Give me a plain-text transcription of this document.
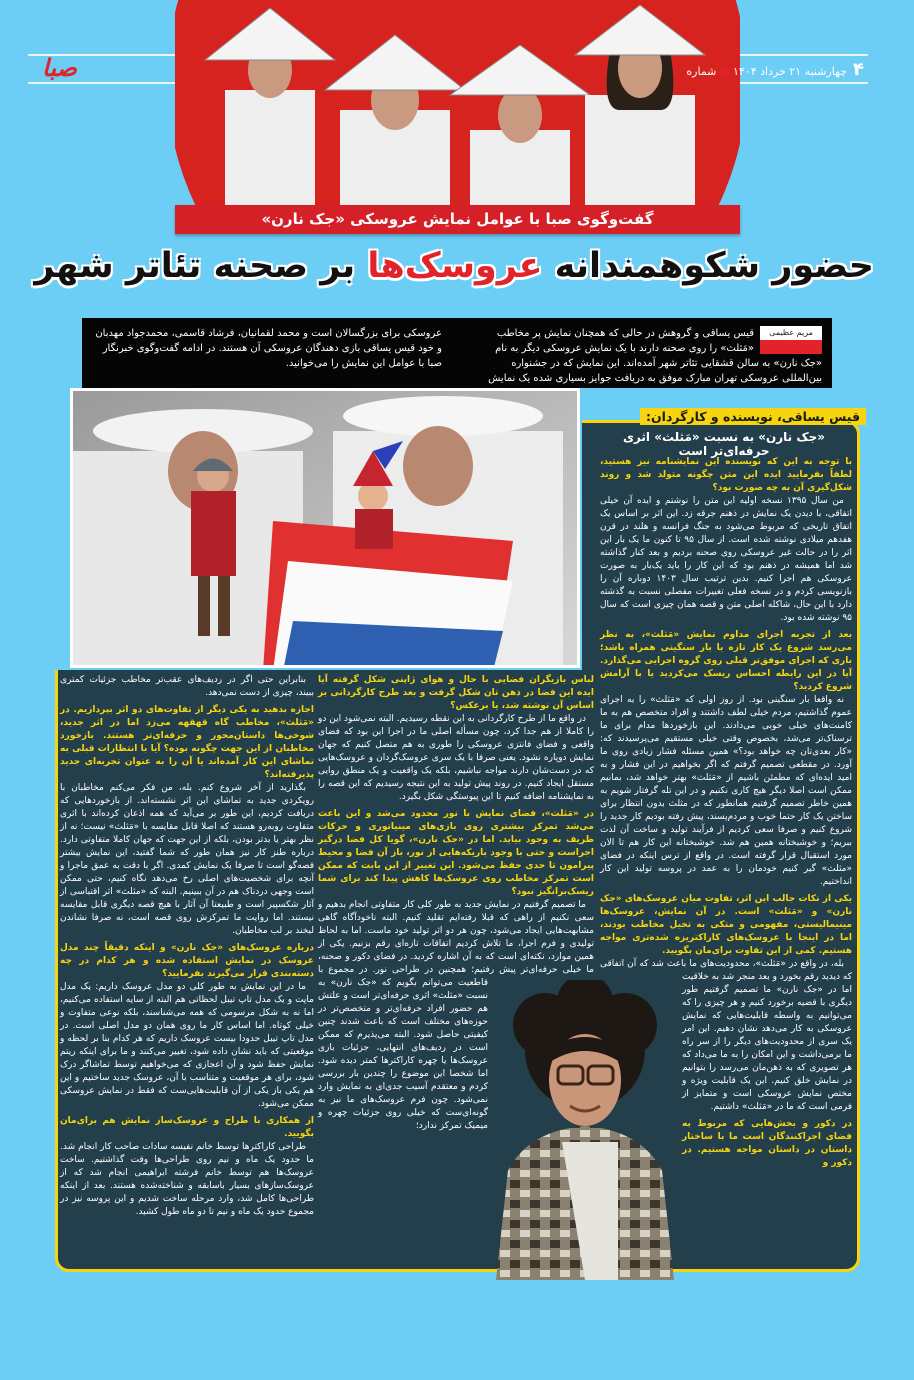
صبا	۴چهارشنبه ۲۱ خرداد ۱۴۰۴ ● شماره
گفت‌وگوی صبا با عوامل نمایش عروسکی «جک نارن»
حضور شکوهمندانه عروسک‌ها بر صحنه تئاتر شهر
مریم عظیمی
قیس یساقی و گروهش در حالی که همچنان نمایش پر مخاطب «مَثلث» را روی صحنه دارند با یک نمایش عروسکی دیگر به نام «جک نارن» به سالن قشقایی تئاتر شهر آمده‌اند. این نمایش که در جشنواره بین‌المللی عروسکی تهران مبارک موفق به دریافت جوایز بسیاری شده یک نمایش عروسکی برای بزرگسالان است و محمد لقمانیان، فرشاد قاسمی، محمدجواد مهدبان و خود قیس یساقی بازی دهندگان عروسکی آن هستند. در ادامه گفت‌وگوی خبرنگار صبا با عوامل این نمایش را می‌خوانید.
قیس یساقی، نویسنده و کارگردان:
«جک نارن» به نسبت «مَثلث» اثری حرفه‌ای‌تر است
با توجه به این که نویسنده این نمایشنامه نیز هستید، لطفاً بفرمایید ایده این متن چگونه متولد شد و روند شکل‌گیری آن به چه صورت بود؟

من سال ۱۳۹۵ نسخه اولیه این متن را نوشتم و ایده آن خیلی اتفاقی، با دیدن یک نمایش در ذهنم جرقه زد. این اثر بر اساس یک اتفاق تاریخی که مربوط می‌شود به جنگ فرانسه و هلند در قرن هفدهم میلادی نوشته شده است. از سال ۹۵ تا کنون ما یک بار این اثر را در حالت غیر عروسکی روی صحنه بردیم و بعد کنار گذاشته شد اما همیشه در ذهنم بود که این کار را باید یک‌بار به صورت عروسکی هم اجرا کنیم. بدین ترتیب سال ۱۴۰۳ دوباره آن را بازنویسی کردم و در نسخه فعلی تغییرات مفصلی نسبت به گذشته دارد با این حال، شاکله اصلی متن و قصه همان چیزی است که سال ۹۵ نوشته شده بود.

بعد از تجربه اجرای مداوم نمایش «مَثلث»، به نظر می‌رسد شروع یک کار تازه با بار سنگینی همراه باشد؛ باری که اجرای موفق‌تر قبلی روی گروه اجرایی می‌گذارد. آیا در این رابطه احساس ریسک می‌کردید یا با آرامش شروع کردید؟

نه واقعا بار سنگینی بود. از روز اولی که «مَثلث» را به اجرای عموم گذاشتیم، مردم خیلی لطف داشتند و افراد متخصص هم به ما کامنت‌های خیلی خوبی می‌دادند. این بازخوردها مدام برای ما ترسناک‌تر می‌شد، بخصوص وقتی خیلی مستقیم می‌پرسیدند که: «کار بعدی‌تان چه خواهد بود؟» همین مسئله فشار زیادی روی ما آورد. در مقطعی تصمیم گرفتم که اگر بخواهیم در این فشار و به امید ایده‌ای که مطمئن باشیم از «مَثلث» بهتر خواهد شد، بمانیم ممکن است اصلا دیگر هیچ کاری نکنیم و در این تله گرفتار شویم به همین خاطر تصمیم گرفتیم همانطور که در مثلث بدون انتظار برای ساختن یک کار حتما خوب و مردم‌پسند، پیش رفته بودیم کار جدید را شروع کنیم و صرفا سعی کردیم از فرآیند تولید و ساخت آن لذت ببریم؛ و خوشبختانه همین هم شد. خوشبختانه این کار هم تا الان مورد استقبال قرار گرفته است. در واقع از ترس اینکه در فضای «مثلث» گیر کنیم خودمان را به عمد در پروسه تولید این کار انداختیم.

یکی از نکات جالب این اثر، تفاوت میان عروسک‌های «جک نارن» و «مَثلث» است. در آن نمایش، عروسک‌ها مینیمالیستی، مفهومی و متکی به تخیل مخاطب بودند، اما در اینجا با عروسک‌های کاراکتریزه شده‌تری مواجه هستیم. کمی از این تفاوت برای‌مان بگویید.

بله، در واقع در «مَثلث»، محدودیت‌های ما باعث شد که آن اتفاقی که دیدید رقم بخورد و بعد منجر شد به خلاقیت اما در «جک نارن» ما تصمیم گرفتیم طور دیگری با قضیه برخورد کنیم و هر چیزی را که می‌توانیم به واسطه قابلیت‌هایی که نمایش عروسکی به کار می‌دهد نشان دهیم. این امر یک سری از محدودیت‌های دیگر را از سر راه ما برمی‌داشت و این امکان را به ما می‌داد که هر تصویری که به ذهن‌مان می‌رسد را بتوانیم در نمایش خلق کنیم. این یک قابلیت ویژه و مختص نمایش عروسکی است و متمایز از فرمی است که ما در «مَثلث» داشتیم.

در دکور و بخش‌هایی که مربوط به فضای اجراکنندگان است ما با ساختار داستان در داستان مواجه هستیم. در دکور و
لباس بازیگران فضایی با حال و هوای ژاپنی شکل گرفته آیا ایده این فضا در ذهن تان شکل گرفت و بعد طرح کارگردانی بر اساس آن نوشته شد، یا برعکس؟

در واقع ما از طرح کارگردانی به این نقطه رسیدیم. البته نمی‌شود این دو را کاملا از هم جدا کرد، چون مسأله اصلی ما در اجرا این بود که فضای واقعی و فضای فانتزی عروسکی را طوری به هم متصل کنیم که جهان نمایش دوپاره نشود. یعنی صرفا با یک سری عروسک‌گردان و عروسک‌هایی که در دست‌شان دارند مواجه نباشیم، بلکه یک واقعیت و یک منطق روایی مستقل ایجاد کنیم. در روند پیش تولید به این نتیجه رسیدیم که این قصه را به نمایشنامه اضافه کنیم تا این پیوستگی شکل بگیرد.

در «مَثلث»، فضای نمایش با نور محدود می‌شد و این باعث می‌شد تمرکز بیشتری روی بازی‌های مینیاتوری و حرکات ظریف به وجود بیاید. اما در «جک نارن»، گویا کل فضا درگیر اجراست و حتی با وجود باریکه‌هایی از نور، باز آن فضا و محیط پیرامون تا حدی حفظ می‌شود. این تغییر از این بابت که ممکن است تمرکز مخاطب روی عروسک‌ها کاهش پیدا کند برای شما ریسک‌برانگیز نبود؟

ما تصمیم گرفتیم در نمایش جدید به طور کلی کار متفاوتی انجام بدهیم و سعی نکنیم از راهی که قبلا رفته‌ایم تقلید کنیم. البته ناخودآگاه گاهی مشابهت‌هایی ایجاد می‌شود، چون هر دو اثر تولید خود ماست. اما به لحاظ تولیدی و فرم اجرا، ما تلاش کردیم اتفاقات تازه‌ای رقم بزنیم. یکی از همین موارد، نکته‌ای است که به آن اشاره کردید. در فضای دکور و صحنه، ما خیلی حرفه‌ای‌تر پیش رفتیم؛ همچنین در طراحی نور. در مجموع با قاطعیت می‌توانم بگویم که «جک نارن» به نسبت «مثلث» اثری حرفه‌ای‌تر است و علتش هم حضور افراد حرفه‌ای‌تر و متخصص‌تر در حوزه‌های مختلف است که باعث شدند چنین کیفیتی حاصل شود. البته می‌پذیرم که ممکن است در ردیف‌های انتهایی، جزئیات بازی عروسک‌ها یا چهره کاراکترها کمتر دیده شود. اما شخصا این موضوع را چندین بار بررسی کردم و معتقدم آسیب جدی‌ای به نمایش وارد نمی‌شود. چون فرم عروسک‌های ما نیز به گونه‌ای‌ست که خیلی روی جزئیات چهره و میمیک تمرکز ندارد؛

بنابراین حتی اگر در ردیف‌های عقب‌تر مخاطب جزئیات کمتری ببیند، چیزی از دست نمی‌دهد.

اجازه بدهید به یکی دیگر از تفاوت‌های دو اثر بپردازیم. در «مَثلث»، مخاطب گاه قهقهه می‌زد اما در اثر جدید، شوخی‌ها داستان‌محور و حرفه‌ای‌تر هستند. بازخورد مخاطبان از این جهت چگونه بوده؟ آیا با انتظارات قبلی به تماشای این کار آمده‌اند یا آن را به عنوان تجربه‌ای جدید پذیرفته‌اند؟

بگذارید از آخر شروع کنم. بله، من فکر می‌کنم مخاطبان با رویکردی جدید به تماشای این اثر نشسته‌اند. از بازخوردهایی که دریافت کردیم، این طور بر می‌آید که همه اذعان کرده‌اند با اثری متفاوت روبه‌رو هستند که اصلا قابل مقایسه با «مَثلث» نیست؛ نه از نظر بهتر یا بدتر بودن، بلکه از این جهت که جهان کاملا متفاوتی دارد. درباره طنز کار نیز همان طور که شما گفتید، این نمایش بیشتر قصه‌گو است تا صرفا یک نمایش کمدی. اگر با دقت به عمق ماجرا و آنچه برای شخصیت‌های اصلی رخ می‌دهد نگاه کنیم، حتی ممکن است وجهی دردناک هم در آن ببینیم. البته که «مثلث» اثر اقتباسی از آثار شکسپیر است و طبیعتا آن آثار با هیچ قصه دیگری قابل مقایسه نیستند. اما روایت ما تمرکزش روی قصه است، نه صرفا نشاندن لبخند بر لب مخاطبان.

درباره عروسک‌های «جک نارن» و اینکه دقیقاً چند مدل عروسک در نمایش استفاده شده و هر کدام در چه دسته‌بندی قرار می‌گیرند بفرمایید؟

ما در این نمایش به طور کلی دو مدل عروسک داریم: یک مدل ماپت و یک مدل تاپ تیبل لحظاتی هم البته از سایه استفاده می‌کنیم، اما نه به شکل مرسومی که همه می‌شناسند، بلکه نوعی متفاوت و خیلی کوتاه. اما اساس کار ما روی همان دو مدل اصلی است. در مدل تاپ تیبل حدودا بیست عروسک داریم که هر کدام بنا بر لحظه و موقعیتی که باید نشان داده شود، تغییر می‌کنند و ما برای اینکه ریتم نمایش حفظ شود و آن اعجازی که می‌خواهیم توسط تماشاگر درک شود، برای هر موقعیت و متناسب با آن، عروسک جدید ساختیم و این هم یکی باز یکی از آن قابلیت‌هایی‌ست که فقط در نمایش عروسکی ممکن می‌شود.

از همکاری با طراح و عروسک‌ساز نمایش هم برای‌مان بگویید.

طراحی کاراکترها توسط خانم نفیسه سادات صاحب کار انجام شد. ما حدود یک ماه و نیم روی طراحی‌ها وقت گذاشتیم. ساخت عروسک‌ها هم توسط خانم فرشته ابراهیمی انجام شد که از عروسک‌سازهای بسیار باسابقه و شناخته‌شده هستند. بعد از اینکه طراحی‌ها کامل شد، وارد مرحله ساخت شدیم و این پروسه نیز در مجموع حدود یک ماه و نیم تا دو ماه طول کشید.
